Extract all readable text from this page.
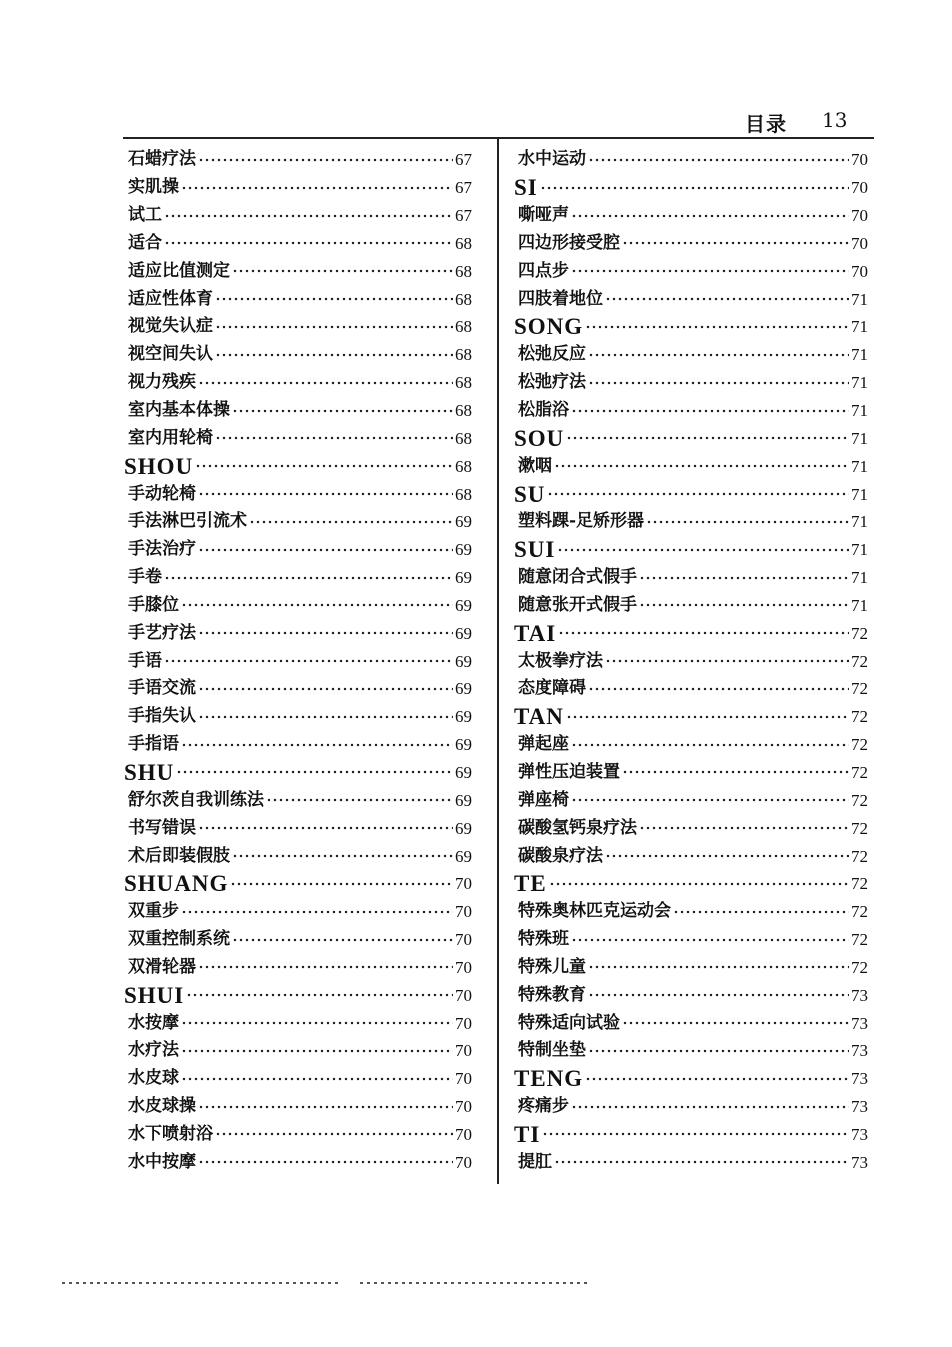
目录 13
石蜡疗法	67
实肌操	67
试工	67
适合	68
适应比值测定	68
适应性体育	68
视觉失认症	68
视空间失认	68
视力残疾	68
室内基本体操	68
室内用轮椅	68
SHOU	68
手动轮椅	68
手法淋巴引流术	69
手法治疗	69
手卷	69
手膝位	69
手艺疗法	69
手语	69
手语交流	69
手指失认	69
手指语	69
SHU	69
舒尔茨自我训练法	69
书写错误	69
术后即装假肢	69
SHUANG	70
双重步	70
双重控制系统	70
双滑轮器	70
SHUI	70
水按摩	70
水疗法	70
水皮球	70
水皮球操	70
水下喷射浴	70
水中按摩	70
水中运动	70
SI	70
嘶哑声	70
四边形接受腔	70
四点步	70
四肢着地位	71
SONG	71
松弛反应	71
松弛疗法	71
松脂浴	71
SOU	71
漱咽	71
SU	71
塑料踝-足矫形器	71
SUI	71
随意闭合式假手	71
随意张开式假手	71
TAI	72
太极拳疗法	72
态度障碍	72
TAN	72
弹起座	72
弹性压迫装置	72
弹座椅	72
碳酸氢钙泉疗法	72
碳酸泉疗法	72
TE	72
特殊奥林匹克运动会	72
特殊班	72
特殊儿童	72
特殊教育	73
特殊适向试验	73
特制坐垫	73
TENG	73
疼痛步	73
TI	73
提肛	73
